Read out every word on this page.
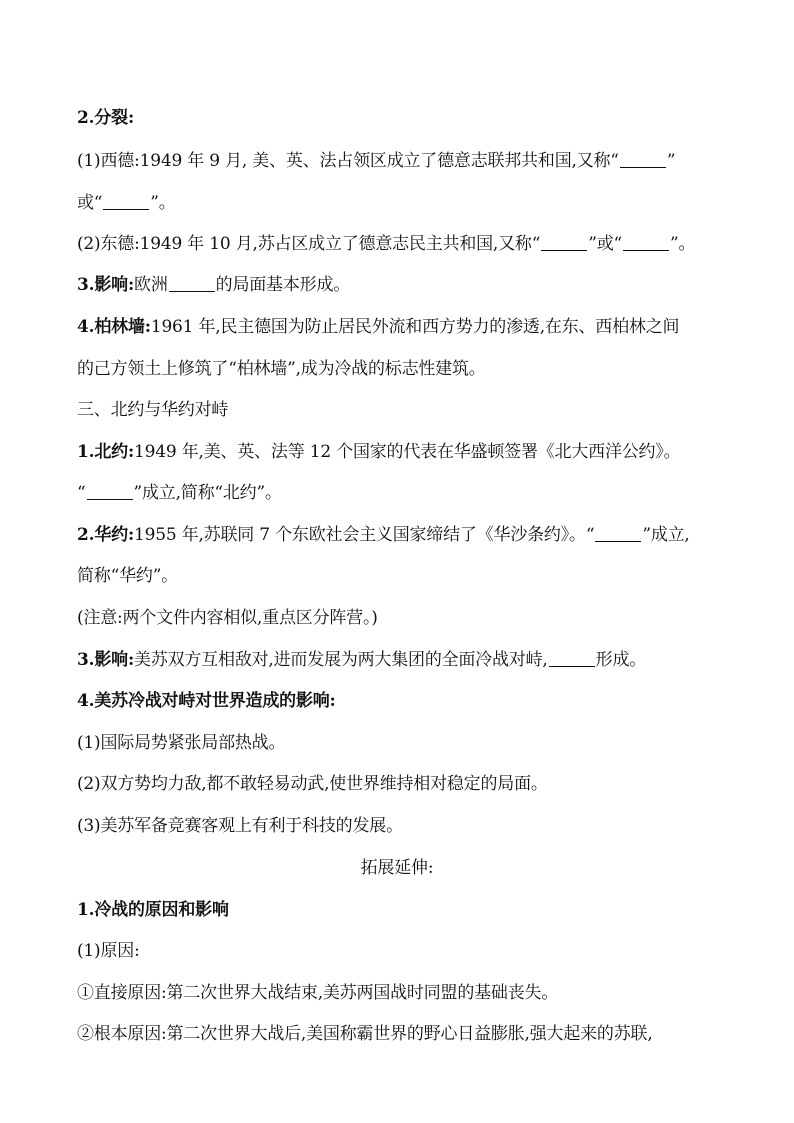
2.分裂:
(1)西德:1949 年 9 月, 美、英、法占领区成立了德意志联邦共和国,又称“	”
或“	”。
(2)东德:1949 年 10 月,苏占区成立了德意志民主共和国,又称“	”或“	”。
3.影响:欧洲	的局面基本形成。
4.柏林墙:1961 年,民主德国为防止居民外流和西方势力的渗透,在东、西柏林之间
的己方领土上修筑了“柏林墙”,成为冷战的标志性建筑。
三、北约与华约对峙
1.北约:1949 年,美、英、法等 12 个国家的代表在华盛顿签署《北大西洋公约》。
“	”成立,简称“北约”。
2.华约:1955 年,苏联同 7 个东欧社会主义国家缔结了《华沙条约》。“	”成立,
简称“华约”。
(注意:两个文件内容相似,重点区分阵营。)
3.影响:美苏双方互相敌对,进而发展为两大集团的全面冷战对峙,	形成。
4.美苏冷战对峙对世界造成的影响:
(1)国际局势紧张局部热战。
(2)双方势均力敌,都不敢轻易动武,使世界维持相对稳定的局面。
(3)美苏军备竞赛客观上有利于科技的发展。
拓展延伸:
1.冷战的原因和影响
(1)原因:
①直接原因:第二次世界大战结束,美苏两国战时同盟的基础丧失。
②根本原因:第二次世界大战后,美国称霸世界的野心日益膨胀,强大起来的苏联,
